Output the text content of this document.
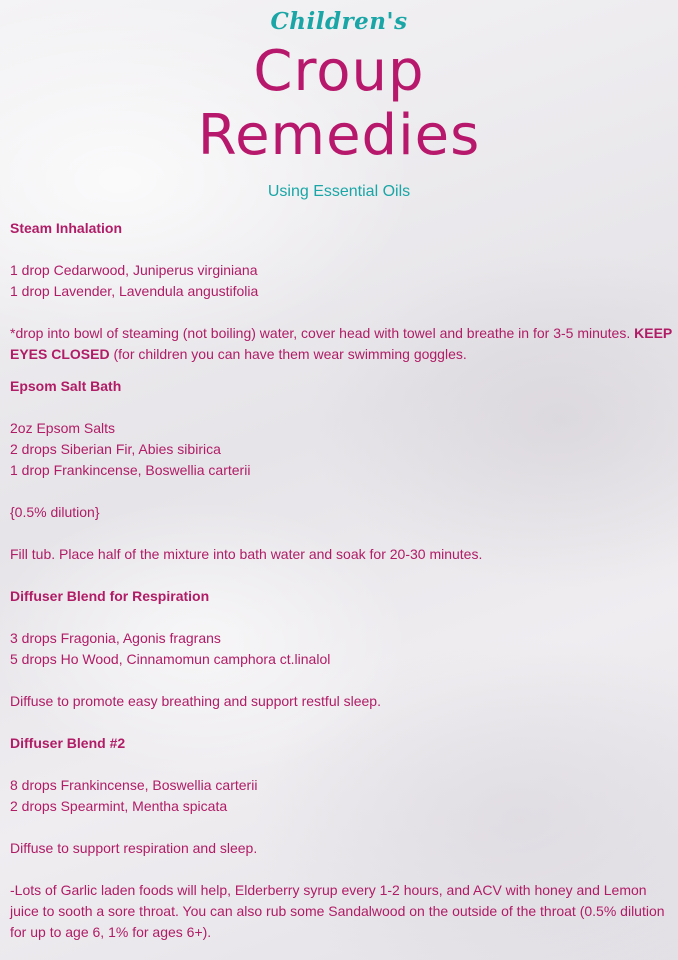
Children's
Croup
Remedies
Using Essential Oils

Steam Inhalation

1 drop Cedarwood, Juniperus virginiana

1 drop Lavender, Lavendula angustifolia

*drop into bowl of steaming (not boiling) water, cover head with towel and breathe in for 3-5 minutes. KEEP EYES CLOSED (for children you can have them wear swimming goggles.

Epsom Salt Bath

2oz Epsom Salts

2 drops Siberian Fir, Abies sibirica

1 drop Frankincense, Boswellia carterii

{0.5% dilution}

Fill tub. Place half of the mixture into bath water and soak for 20-30 minutes.

Diffuser Blend for Respiration

3 drops Fragonia, Agonis fragrans

5 drops Ho Wood, Cinnamomun camphora ct.linalol

Diffuse to promote easy breathing and support restful sleep.

Diffuser Blend #2

8 drops Frankincense, Boswellia carterii

2 drops Spearmint, Mentha spicata

Diffuse to support respiration and sleep.

-Lots of Garlic laden foods will help, Elderberry syrup every 1-2 hours, and ACV with honey and Lemon juice to sooth a sore throat. You can also rub some Sandalwood on the outside of the throat (0.5% dilution for up to age 6, 1% for ages 6+).
